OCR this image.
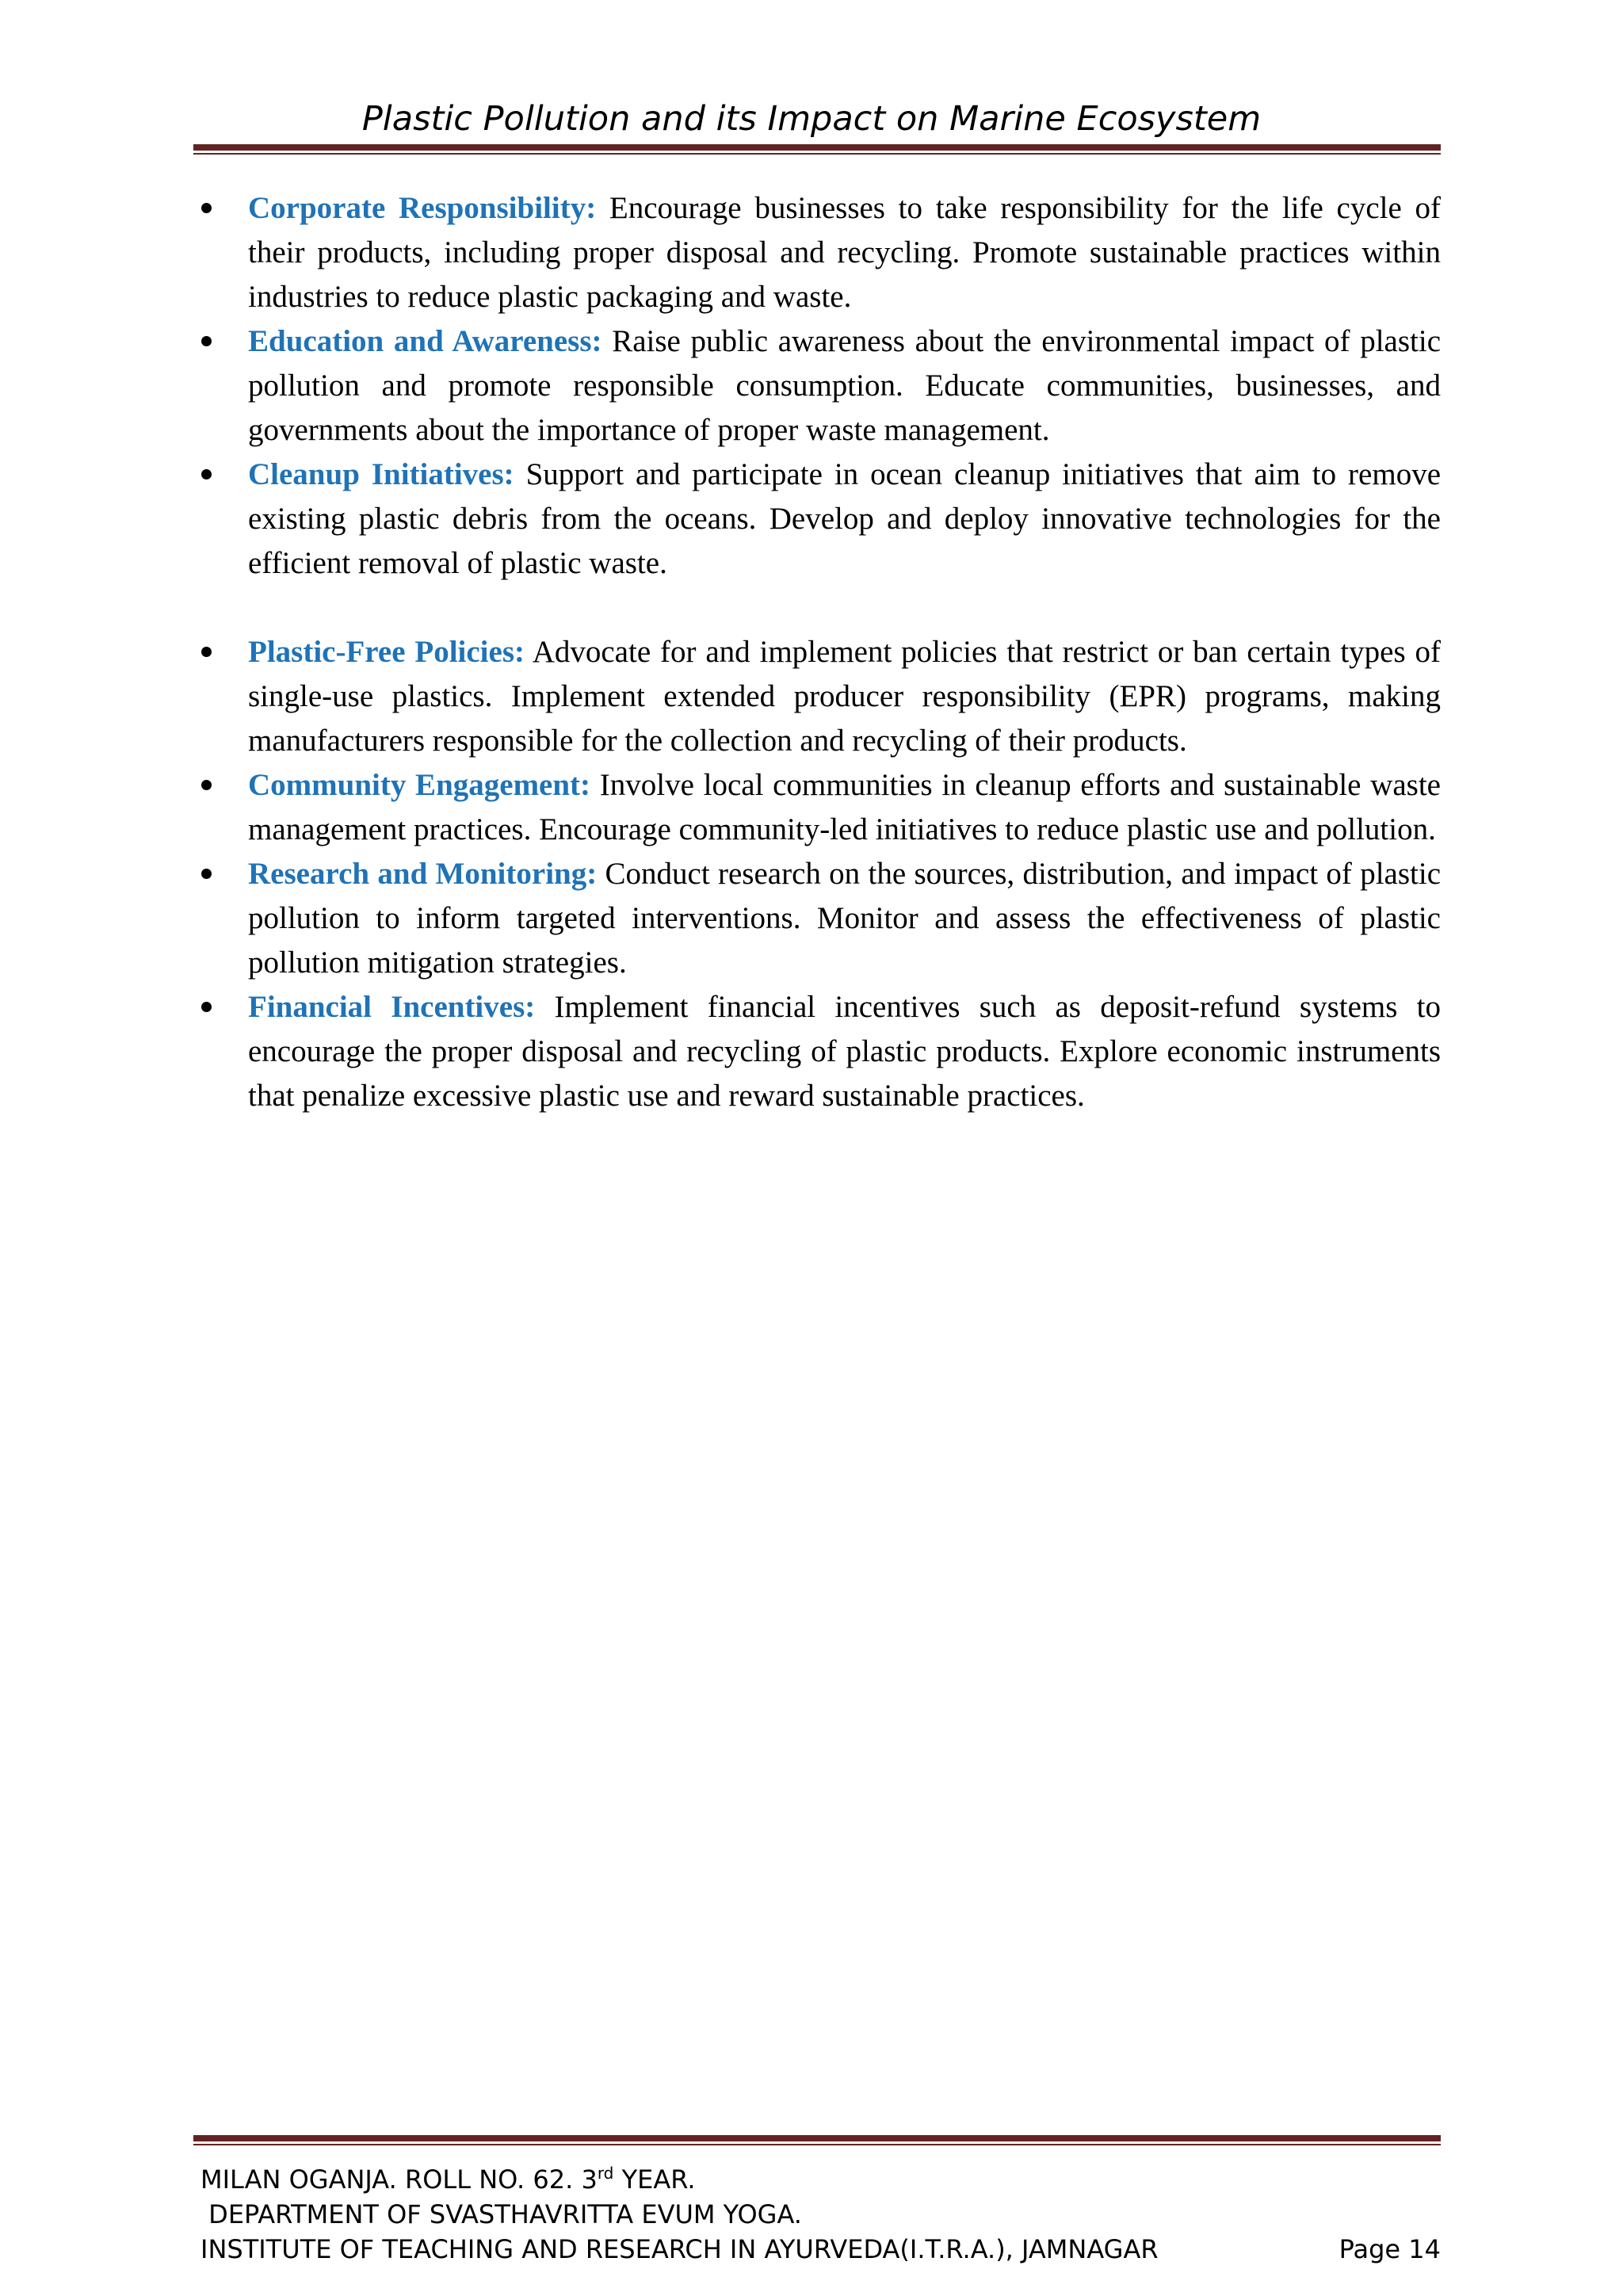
Plastic Pollution and its Impact on Marine Ecosystem
Corporate Responsibility: Encourage businesses to take responsibility for the life cycle of their products, including proper disposal and recycling. Promote sustainable practices within industries to reduce plastic packaging and waste.
Education and Awareness: Raise public awareness about the environmental impact of plastic pollution and promote responsible consumption. Educate communities, businesses, and governments about the importance of proper waste management.
Cleanup Initiatives: Support and participate in ocean cleanup initiatives that aim to remove existing plastic debris from the oceans. Develop and deploy innovative technologies for the efficient removal of plastic waste.
Plastic-Free Policies: Advocate for and implement policies that restrict or ban certain types of single-use plastics. Implement extended producer responsibility (EPR) programs, making manufacturers responsible for the collection and recycling of their products.
Community Engagement: Involve local communities in cleanup efforts and sustainable waste management practices. Encourage community-led initiatives to reduce plastic use and pollution.
Research and Monitoring: Conduct research on the sources, distribution, and impact of plastic pollution to inform targeted interventions. Monitor and assess the effectiveness of plastic pollution mitigation strategies.
Financial Incentives: Implement financial incentives such as deposit-refund systems to encourage the proper disposal and recycling of plastic products. Explore economic instruments that penalize excessive plastic use and reward sustainable practices.
MILAN OGANJA. ROLL NO. 62. 3rd YEAR.
DEPARTMENT OF SVASTHAVRITTA EVUM YOGA.
INSTITUTE OF TEACHING AND RESEARCH IN AYURVEDA(I.T.R.A.), JAMNAGAR	Page 14
